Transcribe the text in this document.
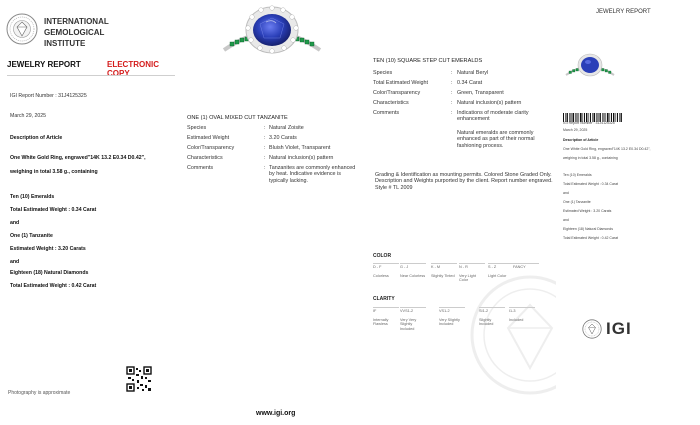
INTERNATIONAL
GEMOLOGICAL
INSTITUTE
JEWELRY REPORT	ELECTRONIC COPY
IGI Report Number : 31J4125325
March 29, 2025
Description of Article
One White Gold Ring, engraved"14K 13.2 E0.34 D0.42",
weighing in total 3.58 g., containing
Ten (10) Emeralds
Total Estimated Weight : 0.34 Carat
and
One (1) Tanzanite
Estimated Weight : 3.20 Carats
and
Eighteen (18) Natural Diamonds
Total Estimated Weight : 0.42 Carat
Photography is approximate
ONE (1) OVAL MIXED CUT TANZANITE
Species	: Natural Zoisite
Estimated Weight	: 3.20 Carats
Color/Transparency	: Bluish Violet, Transparent
Characteristics	: Natural inclusion(s) pattern
Comments	: Tanzanites are commonly enhanced by heat. Indicative evidence is typically lacking.
TEN (10) SQUARE STEP CUT EMERALDS
Species	: Natural Beryl
Total Estimated Weight	: 0.34 Carat
Color/Transparency	: Green, Transparent
Characteristics	: Natural inclusion(s) pattern
Comments	: Indications of moderate clarity enhancement
Natural emeralds are commonly enhanced as part of their normal fashioning process.
Grading & Identification as mounting permits. Colored Stone Graded Only. Description and Weights purported by the client. Report number engraved. Style # TL 2009
COLOR
D - F
Colorless
G - J
Near Colorless
K - M
Slightly Tinted
N - R
Very Light Color
S - Z
Light Color
FANCY
CLARITY
IF
Internally Flawless
VVS1-2
Very Very Slightly Included
VS1-2
Very Slightly Included
SI1-2
Slightly Included
I1-3
Included
www.igi.org
JEWELRY REPORT
IGI Report Number : 31J4125325
March 29, 2025
Description of Article
One White Gold Ring, engraved"14K 13.2 E0.34 D0.42",
weighing in total 3.58 g., containing
Ten (10) Emeralds
Total Estimated Weight : 0.34 Carat
and
One (1) Tanzanite
Estimated Weight : 3.20 Carats
and
Eighteen (18) Natural Diamonds
Total Estimated Weight : 0.42 Carat
IGI
